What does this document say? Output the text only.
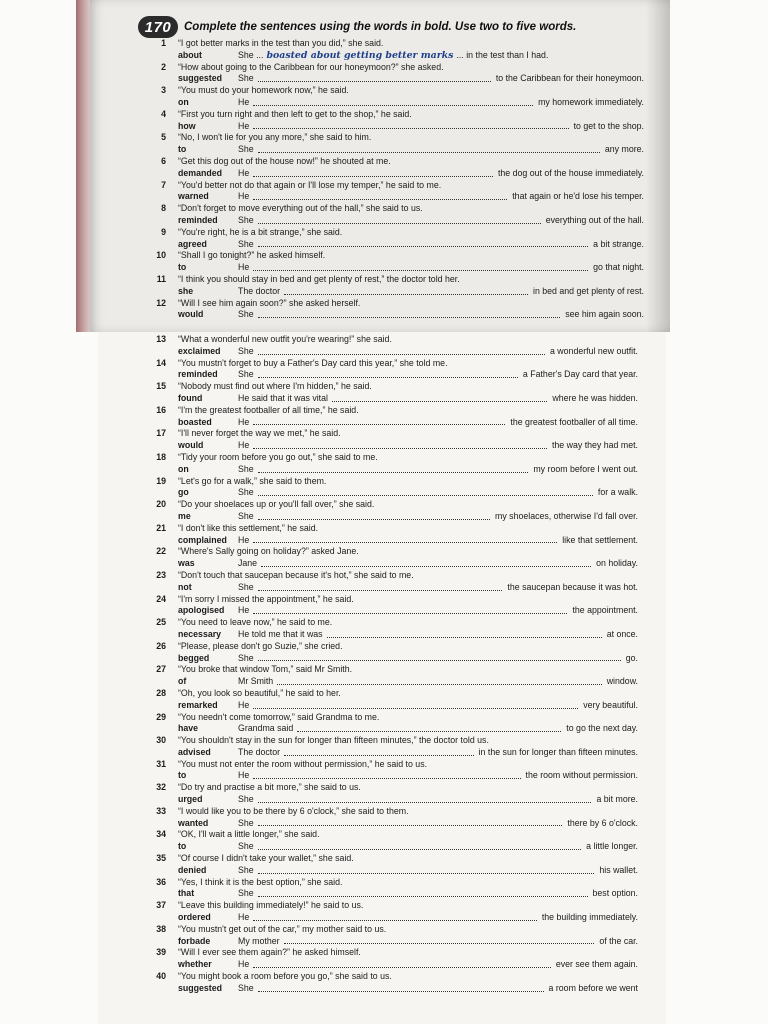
170	Complete the sentences using the words in bold. Use two to five words.
1 “I got better marks in the test than you did,” she said.
about	She ... boasted about getting better marks ... in the test than I had.
2 “How about going to the Caribbean for our honeymoon?” she asked.
suggested	She	to the Caribbean for their honeymoon.
3 “You must do your homework now,” he said.
on	He	my homework immediately.
4 “First you turn right and then left to get to the shop,” he said.
how	He	to get to the shop.
5 “No, I won't lie for you any more,” she said to him.
to	She	any more.
6 “Get this dog out of the house now!” he shouted at me.
demanded	He	the dog out of the house immediately.
7 “You'd better not do that again or I'll lose my temper,” he said to me.
warned	He	that again or he'd lose his temper.
8 “Don't forget to move everything out of the hall,” she said to us.
reminded	She	everything out of the hall.
9 “You're right, he is a bit strange,” she said.
agreed	She	a bit strange.
10 “Shall I go tonight?” he asked himself.
to	He	go that night.
11 “I think you should stay in bed and get plenty of rest,” the doctor told her.
she	The doctor	in bed and get plenty of rest.
12 “Will I see him again soon?” she asked herself.
would	She	see him again soon.
13 “What a wonderful new outfit you're wearing!” she said.
exclaimed	She	a wonderful new outfit.
14 “You mustn't forget to buy a Father's Day card this year,” she told me.
reminded	She	a Father's Day card that year.
15 “Nobody must find out where I'm hidden,” he said.
found	He said that it was vital	where he was hidden.
16 “I'm the greatest footballer of all time,” he said.
boasted	He	the greatest footballer of all time.
17 “I'll never forget the way we met,” he said.
would	He	the way they had met.
18 “Tidy your room before you go out,” she said to me.
on	She	my room before I went out.
19 “Let's go for a walk,” she said to them.
go	She	for a walk.
20 “Do your shoelaces up or you'll fall over,” she said.
me	She	my shoelaces, otherwise I'd fall over.
21 “I don't like this settlement,” he said.
complained	He	like that settlement.
22 “Where's Sally going on holiday?” asked Jane.
was	Jane	on holiday.
23 “Don't touch that saucepan because it's hot,” she said to me.
not	She	the saucepan because it was hot.
24 “I'm sorry I missed the appointment,” he said.
apologised	He	the appointment.
25 “You need to leave now,” he said to me.
necessary	He told me that it was	at once.
26 “Please, please don't go Suzie,” she cried.
begged	She	go.
27 “You broke that window Tom,” said Mr Smith.
of	Mr Smith	window.
28 “Oh, you look so beautiful,” he said to her.
remarked	He	very beautiful.
29 “You needn't come tomorrow,” said Grandma to me.
have	Grandma said	to go the next day.
30 “You shouldn't stay in the sun for longer than fifteen minutes,” the doctor told us.
advised	The doctor	in the sun for longer than fifteen minutes.
31 “You must not enter the room without permission,” he said to us.
to	He	the room without permission.
32 “Do try and practise a bit more,” she said to us.
urged	She	a bit more.
33 “I would like you to be there by 6 o'clock,” she said to them.
wanted	She	there by 6 o'clock.
34 “OK, I'll wait a little longer,” she said.
to	She	a little longer.
35 “Of course I didn't take your wallet,” she said.
denied	She	his wallet.
36 “Yes, I think it is the best option,” she said.
that	She	best option.
37 “Leave this building immediately!” he said to us.
ordered	He	the building immediately.
38 “You mustn't get out of the car,” my mother said to us.
forbade	My mother	of the car.
39 “Will I ever see them again?” he asked himself.
whether	He	ever see them again.
40 “You might book a room before you go,” she said to us.
suggested	She	a room before we went
